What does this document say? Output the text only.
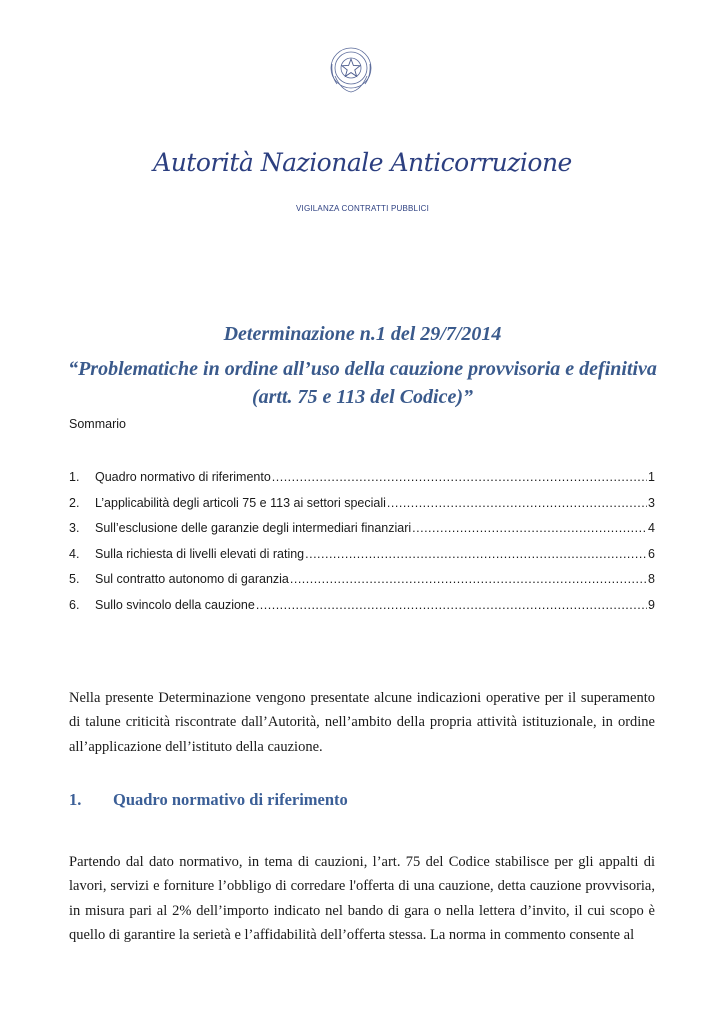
Autorità Nazionale Anticorruzione
VIGILANZA CONTRATTI PUBBLICI
Determinazione n.1 del 29/7/2014
“Problematiche in ordine all’uso della cauzione provvisoria e definitiva (artt. 75 e 113 del Codice)”
Sommario
1.	Quadro normativo di riferimento .....	1
2.	L’applicabilità degli articoli 75 e 113 ai settori speciali .....	3
3.	Sull’esclusione delle garanzie degli intermediari finanziari .....	4
4.	Sulla richiesta di livelli elevati di rating .....	6
5.	Sul contratto autonomo di garanzia .....	8
6.	Sullo svincolo della cauzione .....	9

Nella presente Determinazione vengono presentate alcune indicazioni operative per il superamento di talune criticità riscontrate dall’Autorità, nell’ambito della propria attività istituzionale, in ordine all’applicazione dell’istituto della cauzione.

1. Quadro normativo di riferimento

Partendo dal dato normativo, in tema di cauzioni, l’art. 75 del Codice stabilisce per gli appalti di lavori, servizi e forniture l’obbligo di corredare l'offerta di una cauzione, detta cauzione provvisoria, in misura pari al 2% dell’importo indicato nel bando di gara o nella lettera d’invito, il cui scopo è quello di garantire la serietà e l’affidabilità dell’offerta stessa. La norma in commento consente al
